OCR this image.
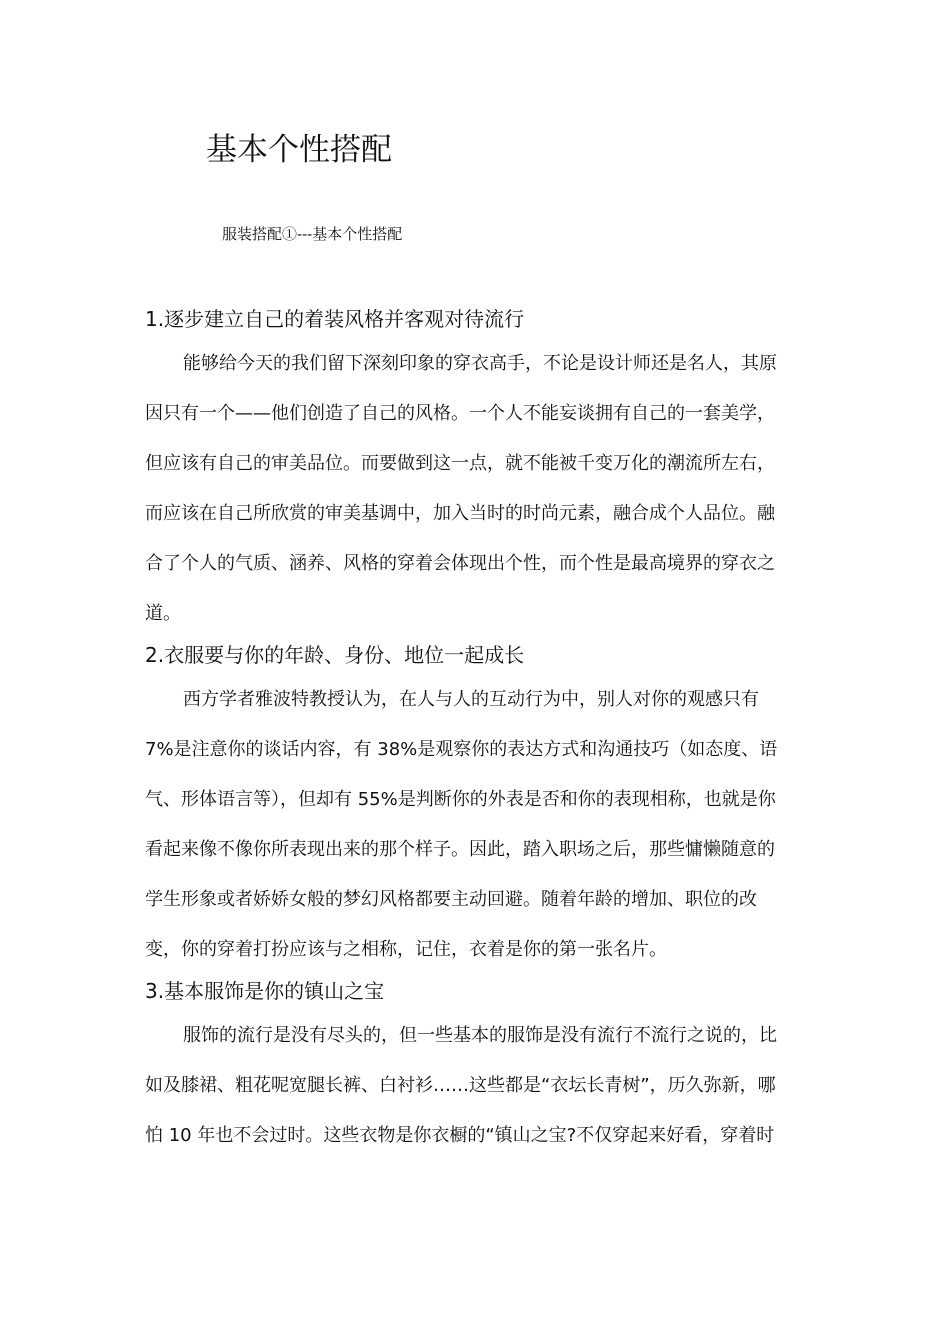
基本个性搭配

服装搭配①---基本个性搭配

1.逐步建立自己的着装风格并客观对待流行
能够给今天的我们留下深刻印象的穿衣高手，不论是设计师还是名人，其原
因只有一个——他们创造了自己的风格。一个人不能妄谈拥有自己的一套美学，
但应该有自己的审美品位。而要做到这一点，就不能被千变万化的潮流所左右，
而应该在自己所欣赏的审美基调中，加入当时的时尚元素，融合成个人品位。融
合了个人的气质、涵养、风格的穿着会体现出个性，而个性是最高境界的穿衣之
道。
2.衣服要与你的年龄、身份、地位一起成长
西方学者雅波特教授认为，在人与人的互动行为中，别人对你的观感只有
7%是注意你的谈话内容，有 38%是观察你的表达方式和沟通技巧（如态度、语
气、形体语言等），但却有 55%是判断你的外表是否和你的表现相称，也就是你
看起来像不像你所表现出来的那个样子。因此，踏入职场之后，那些慵懒随意的
学生形象或者娇娇女般的梦幻风格都要主动回避。随着年龄的增加、职位的改
变，你的穿着打扮应该与之相称，记住，衣着是你的第一张名片。
3.基本服饰是你的镇山之宝
服饰的流行是没有尽头的，但一些基本的服饰是没有流行不流行之说的，比
如及膝裙、粗花呢宽腿长裤、白衬衫……这些都是“衣坛长青树”，历久弥新，哪
怕 10 年也不会过时。这些衣物是你衣橱的“镇山之宝?不仅穿起来好看，穿着时
